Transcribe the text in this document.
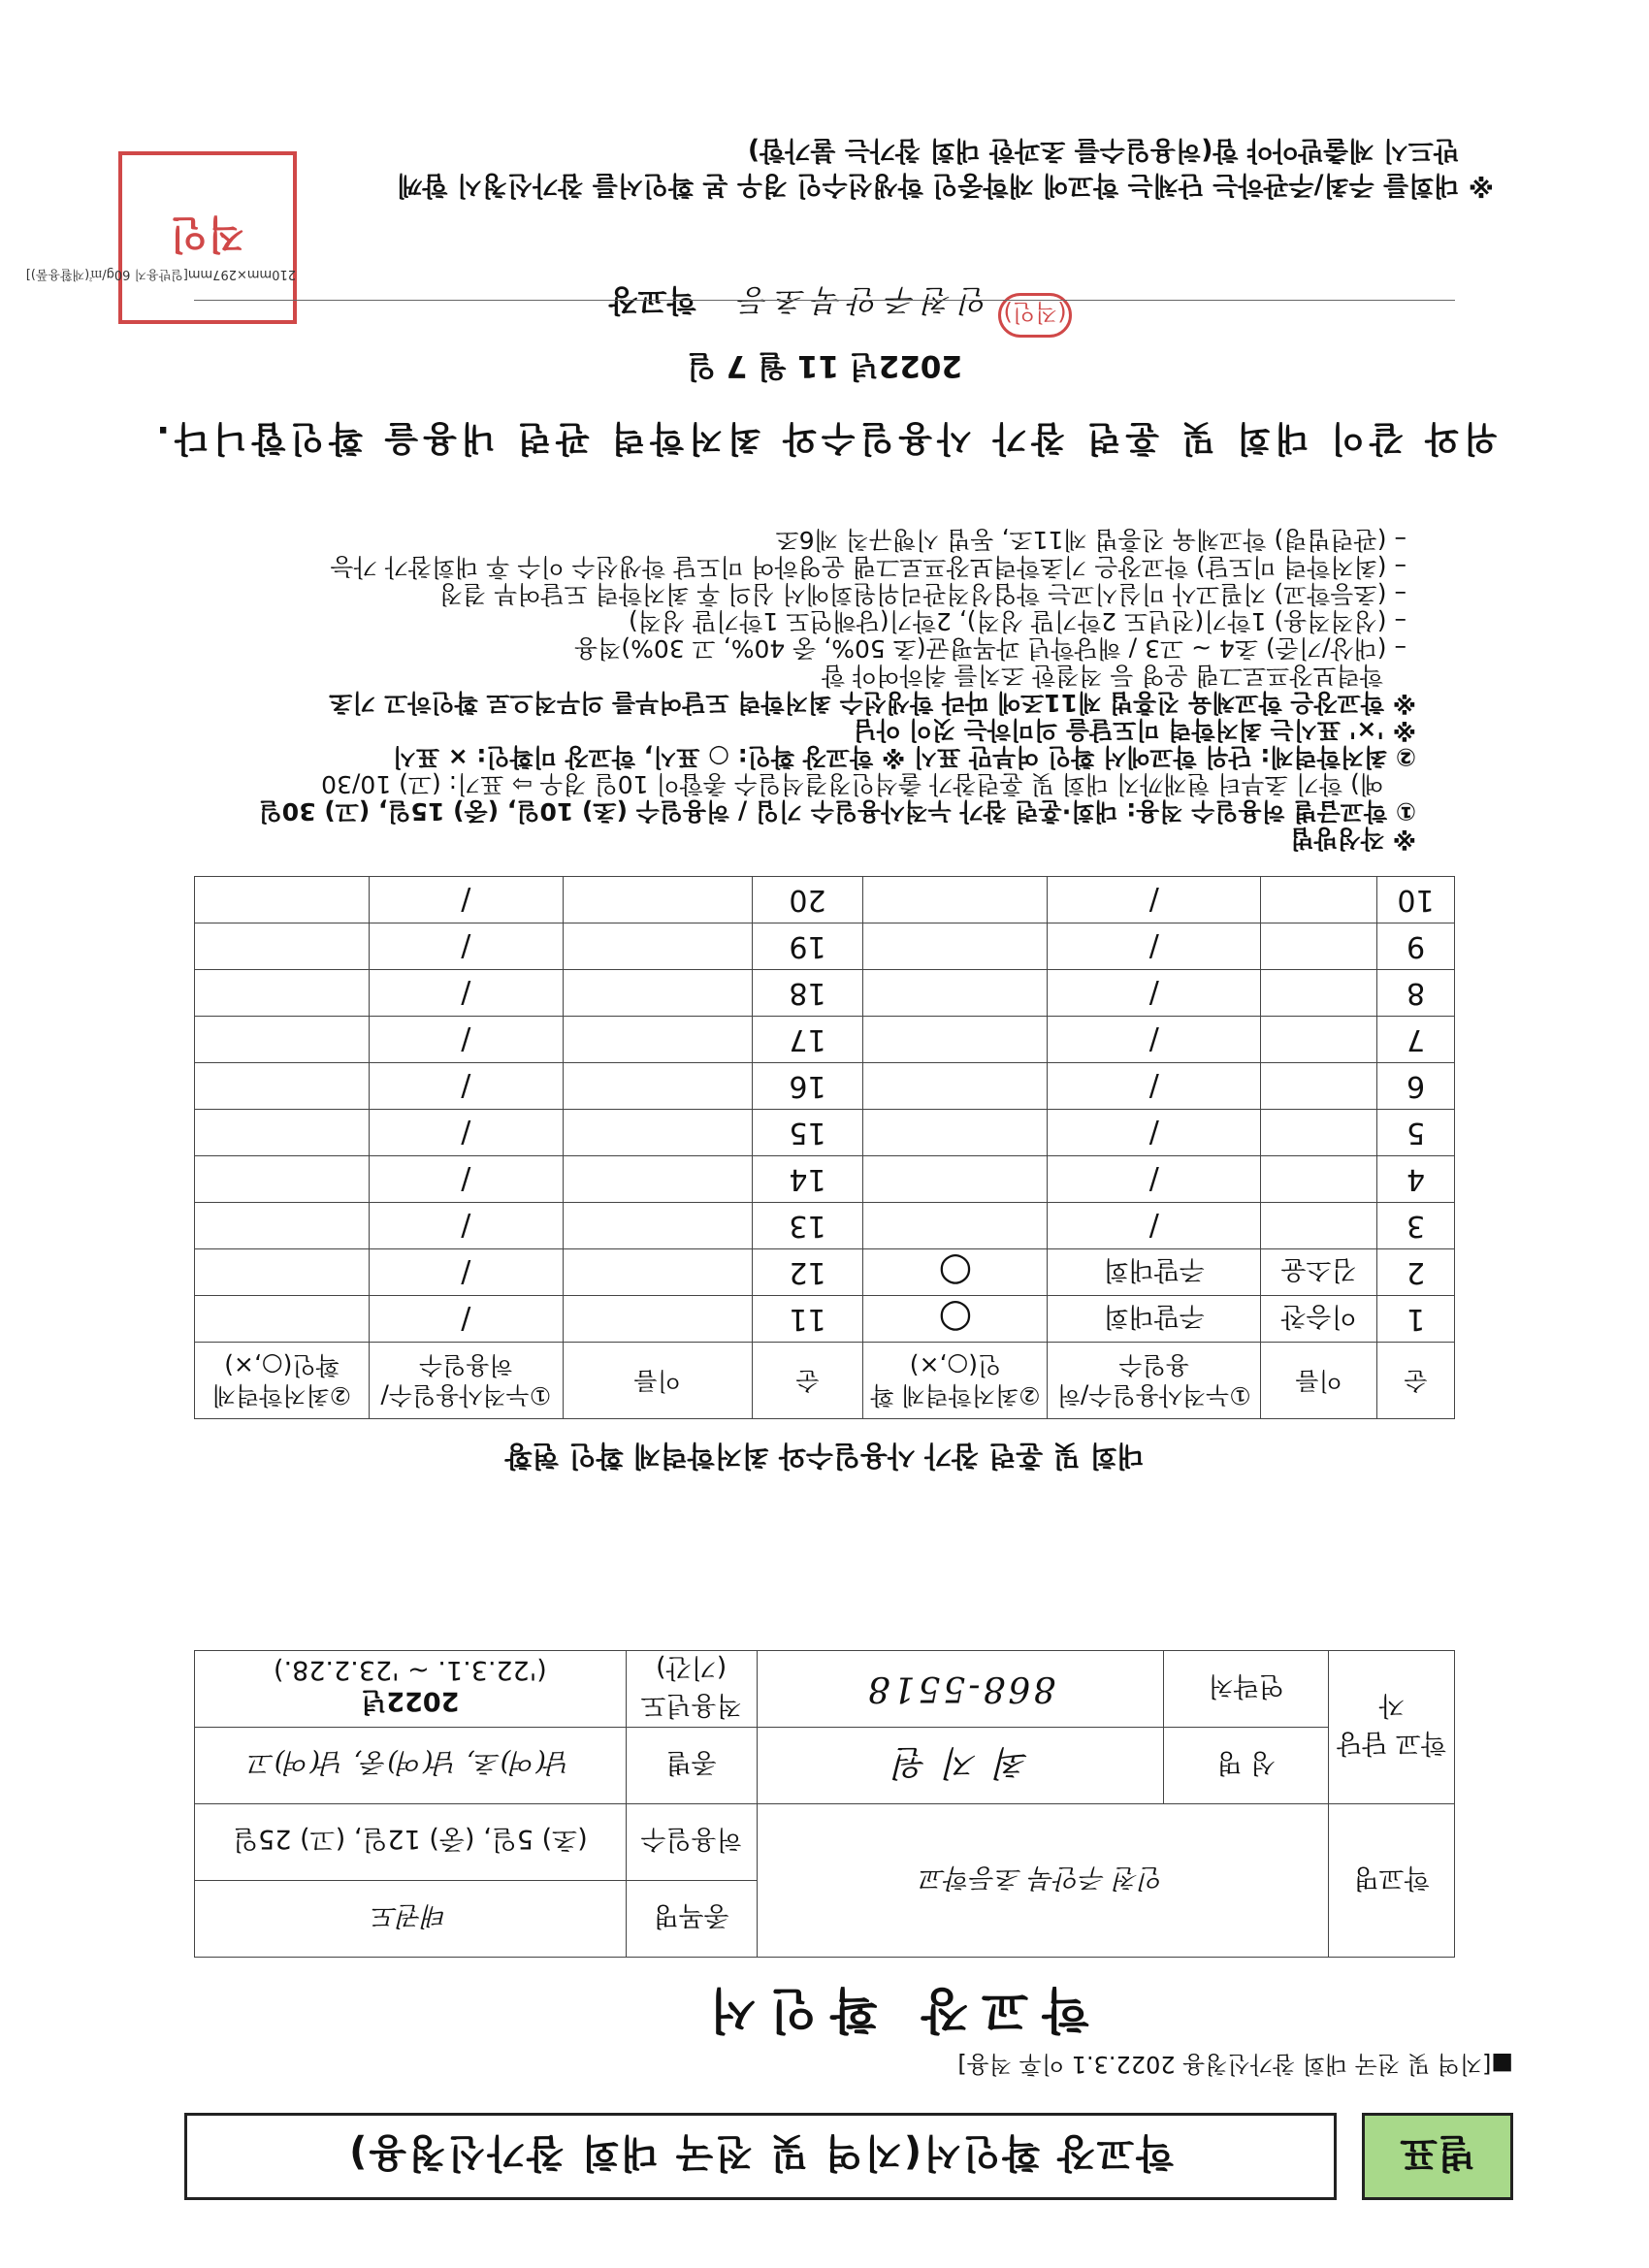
별표
학교장 확인서(지역 및 전국 대회 참가신청용)
■[지역 및 전국 대회 참가신청용 2022.3.1 이후 적용]
학교장 확인서
학교명	인천 주안북 초등학교		종목명	태권도
			허용일수	(초) 5일, (중) 12일, (고) 25일
학교 담당자	성 명	최 지 원	종별	남(여)초, 남(여)중, 남(여)고
	연락처	868-5518	적용년도 (기간)	2022년
('22.3.1. ~ '23.2.28.)
대회 및 훈련 참가 사용일수와 최저학력제 확인 현황
순	이름	①누적사용일수/허용일수	②최저학력제 확인(○,×)	순	이름	①누적사용일수/허용일수	②최저학력제 확인(○,×)
1	이승찬	주말대회	○	11		/	
2	김소윤	주말대회	○	12		/	
3		/		13		/	
4		/		14		/	
5		/		15		/	
6		/		16		/	
7		/		17		/	
8		/		18		/	
9		/		19		/	
10		/		20		/	
※ 작성방법
① 학교급별 허용일수 적용: 대회·훈련 참가 누적사용일수 기입 / 허용일수 (초) 10일, (중) 15일, (고) 30일
예) 학기 초부터 현재까지 대회 및 훈련참가 출석인정결석일수 총합이 10일 경우 ⇨ 표기: (고) 10/30
② 최저학력제: 단위 학교에서 확인 여부만 표시 ※ 학교장 확인: ○ 표시, 학교장 미확인: × 표시
※ '×' 표시는 최저학력 미도달을 의미하는 것이 아님
※ 학교장은 학교체육 진흥법 제11조에 따라 학생선수 최저학력 도달여부를 의무적으로 확인하고 기초
학력보장프로그램 운영 등 적절한 조치를 취하여야 함
– (대상/기준) 초4 ~ 고3 / 해당학년 과목평균(초 50%, 중 40%, 고 30%)적용
– (성적적용) 1학기(전년도 2학기말 성적), 2학기(당해연도 1학기말 성적)
– (초등학교) 지필고사 미실시교는 학업성적관리위원회에서 심의 후 최저학력 도달여부 결정
– (최저학력 미도달) 학교장은 기초학력보장프로그램 운영하여 미도달 학생선수 이수 후 대회참가 가능
– (관련법령) 학교체육 진흥법 제11조, 동법 시행규칙 제6조
위와 같이 대회 및 훈련 참가 사용일수와 최저학력 관련 내용을 확인합니다.
2022년 11 월 7 일
인천주안북초등 학교장	(직인)
직인
210mm×297mm[일반용지 60g/㎡(재활용품)]
※ 대회를 주최/주관하는 단체는 학교에 재학중인 학생선수인 경우 본 확인서를 참가신청시 함께
반드시 제출받아야 함(허용일수를 초과한 대회 참가는 불가함)
